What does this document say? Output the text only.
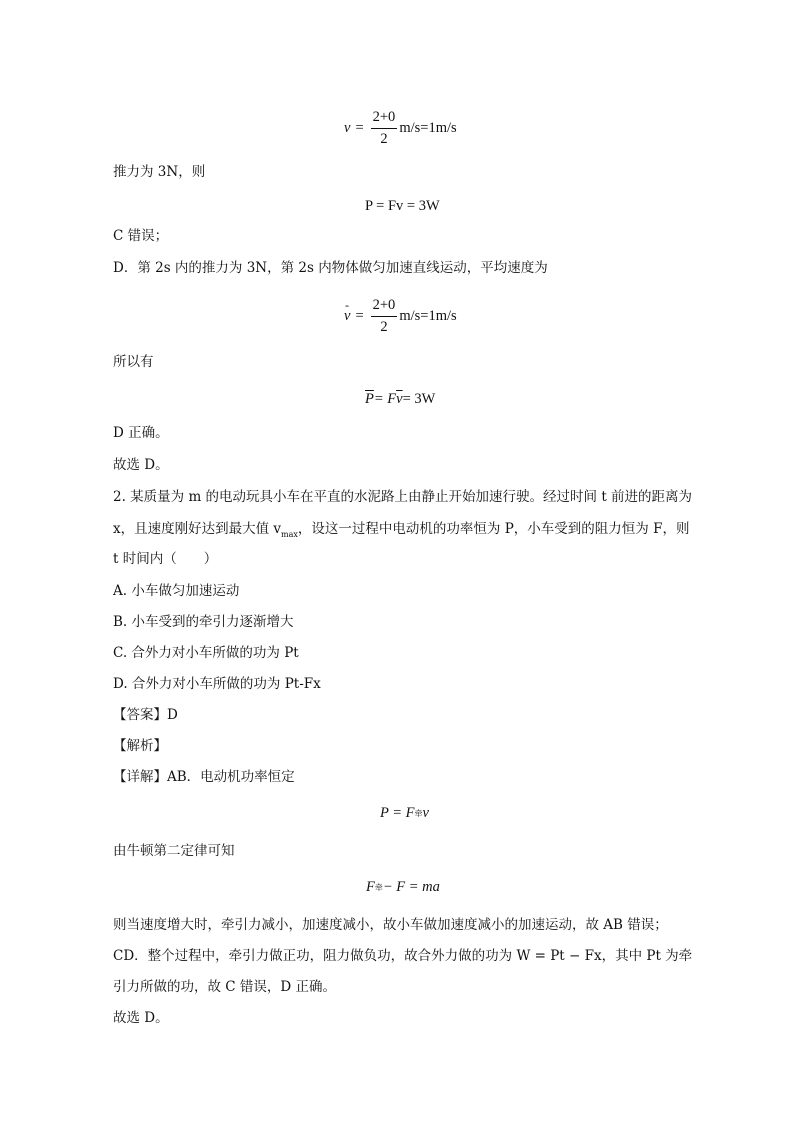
$v = \frac{2+0}{2} m/s=1m/s$
推力为 3N，则
P = Fv = 3W
C 错误；
D．第 2s 内的推力为 3N，第 2s 内物体做匀加速直线运动，平均速度为
-
$v = \frac{2+0}{2} m/s=1m/s$
所以有
$\overline{P} = F$ $\overline{v} = 3W$
D 正确。
故选 D。
2. 某质量为 m 的电动玩具小车在平直的水泥路上由静止开始加速行驶。经过时间 t 前进的距离为
x，且速度刚好达到最大值 $v_{max}$，设这一过程中电动机的功率恒为 P，小车受到的阻力恒为 F，则
t 时间内（　　）
A. 小车做匀加速运动
B. 小车受到的牵引力逐渐增大
C. 合外力对小车所做的功为 Pt
D. 合外力对小车所做的功为 Pt-Fx
【答案】D
【解析】
【详解】AB．电动机功率恒定
P = F 牵 v
由牛顿第二定律可知
F 牵 − F = ma
则当速度增大时，牵引力减小，加速度减小，故小车做加速度减小的加速运动，故 AB 错误；
CD．整个过程中，牵引力做正功，阻力做负功，故合外力做的功为 W = Pt − Fx，其中 Pt 为牵
引力所做的功，故 C 错误，D 正确。
故选 D。
